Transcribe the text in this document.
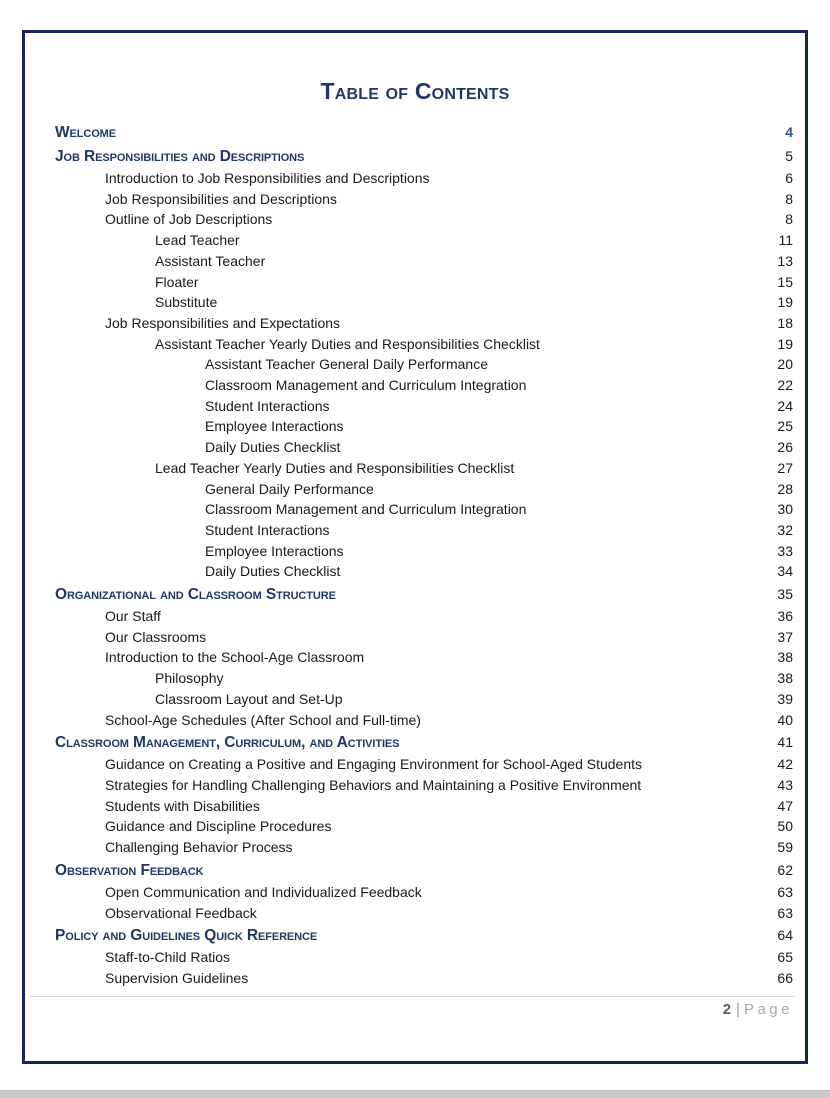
Table of Contents
Welcome	4
Job Responsibilities and Descriptions	5
Introduction to Job Responsibilities and Descriptions	6
Job Responsibilities and Descriptions	8
Outline of Job Descriptions	8
Lead Teacher	11
Assistant Teacher	13
Floater	15
Substitute	19
Job Responsibilities and Expectations	18
Assistant Teacher Yearly Duties and Responsibilities Checklist	19
Assistant Teacher General Daily Performance	20
Classroom Management and Curriculum Integration	22
Student Interactions	24
Employee Interactions	25
Daily Duties Checklist	26
Lead Teacher Yearly Duties and Responsibilities Checklist	27
General Daily Performance	28
Classroom Management and Curriculum Integration	30
Student Interactions	32
Employee Interactions	33
Daily Duties Checklist	34
Organizational and Classroom Structure	35
Our Staff	36
Our Classrooms	37
Introduction to the School-Age Classroom	38
Philosophy	38
Classroom Layout and Set-Up	39
School-Age Schedules (After School and Full-time)	40
Classroom Management, Curriculum, and Activities	41
Guidance on Creating a Positive and Engaging Environment for School-Aged Students	42
Strategies for Handling Challenging Behaviors and Maintaining a Positive Environment	43
Students with Disabilities	47
Guidance and Discipline Procedures	50
Challenging Behavior Process	59
Observation Feedback	62
Open Communication and Individualized Feedback	63
Observational Feedback	63
Policy and Guidelines Quick Reference	64
Staff-to-Child Ratios	65
Supervision Guidelines	66
2 | Page
